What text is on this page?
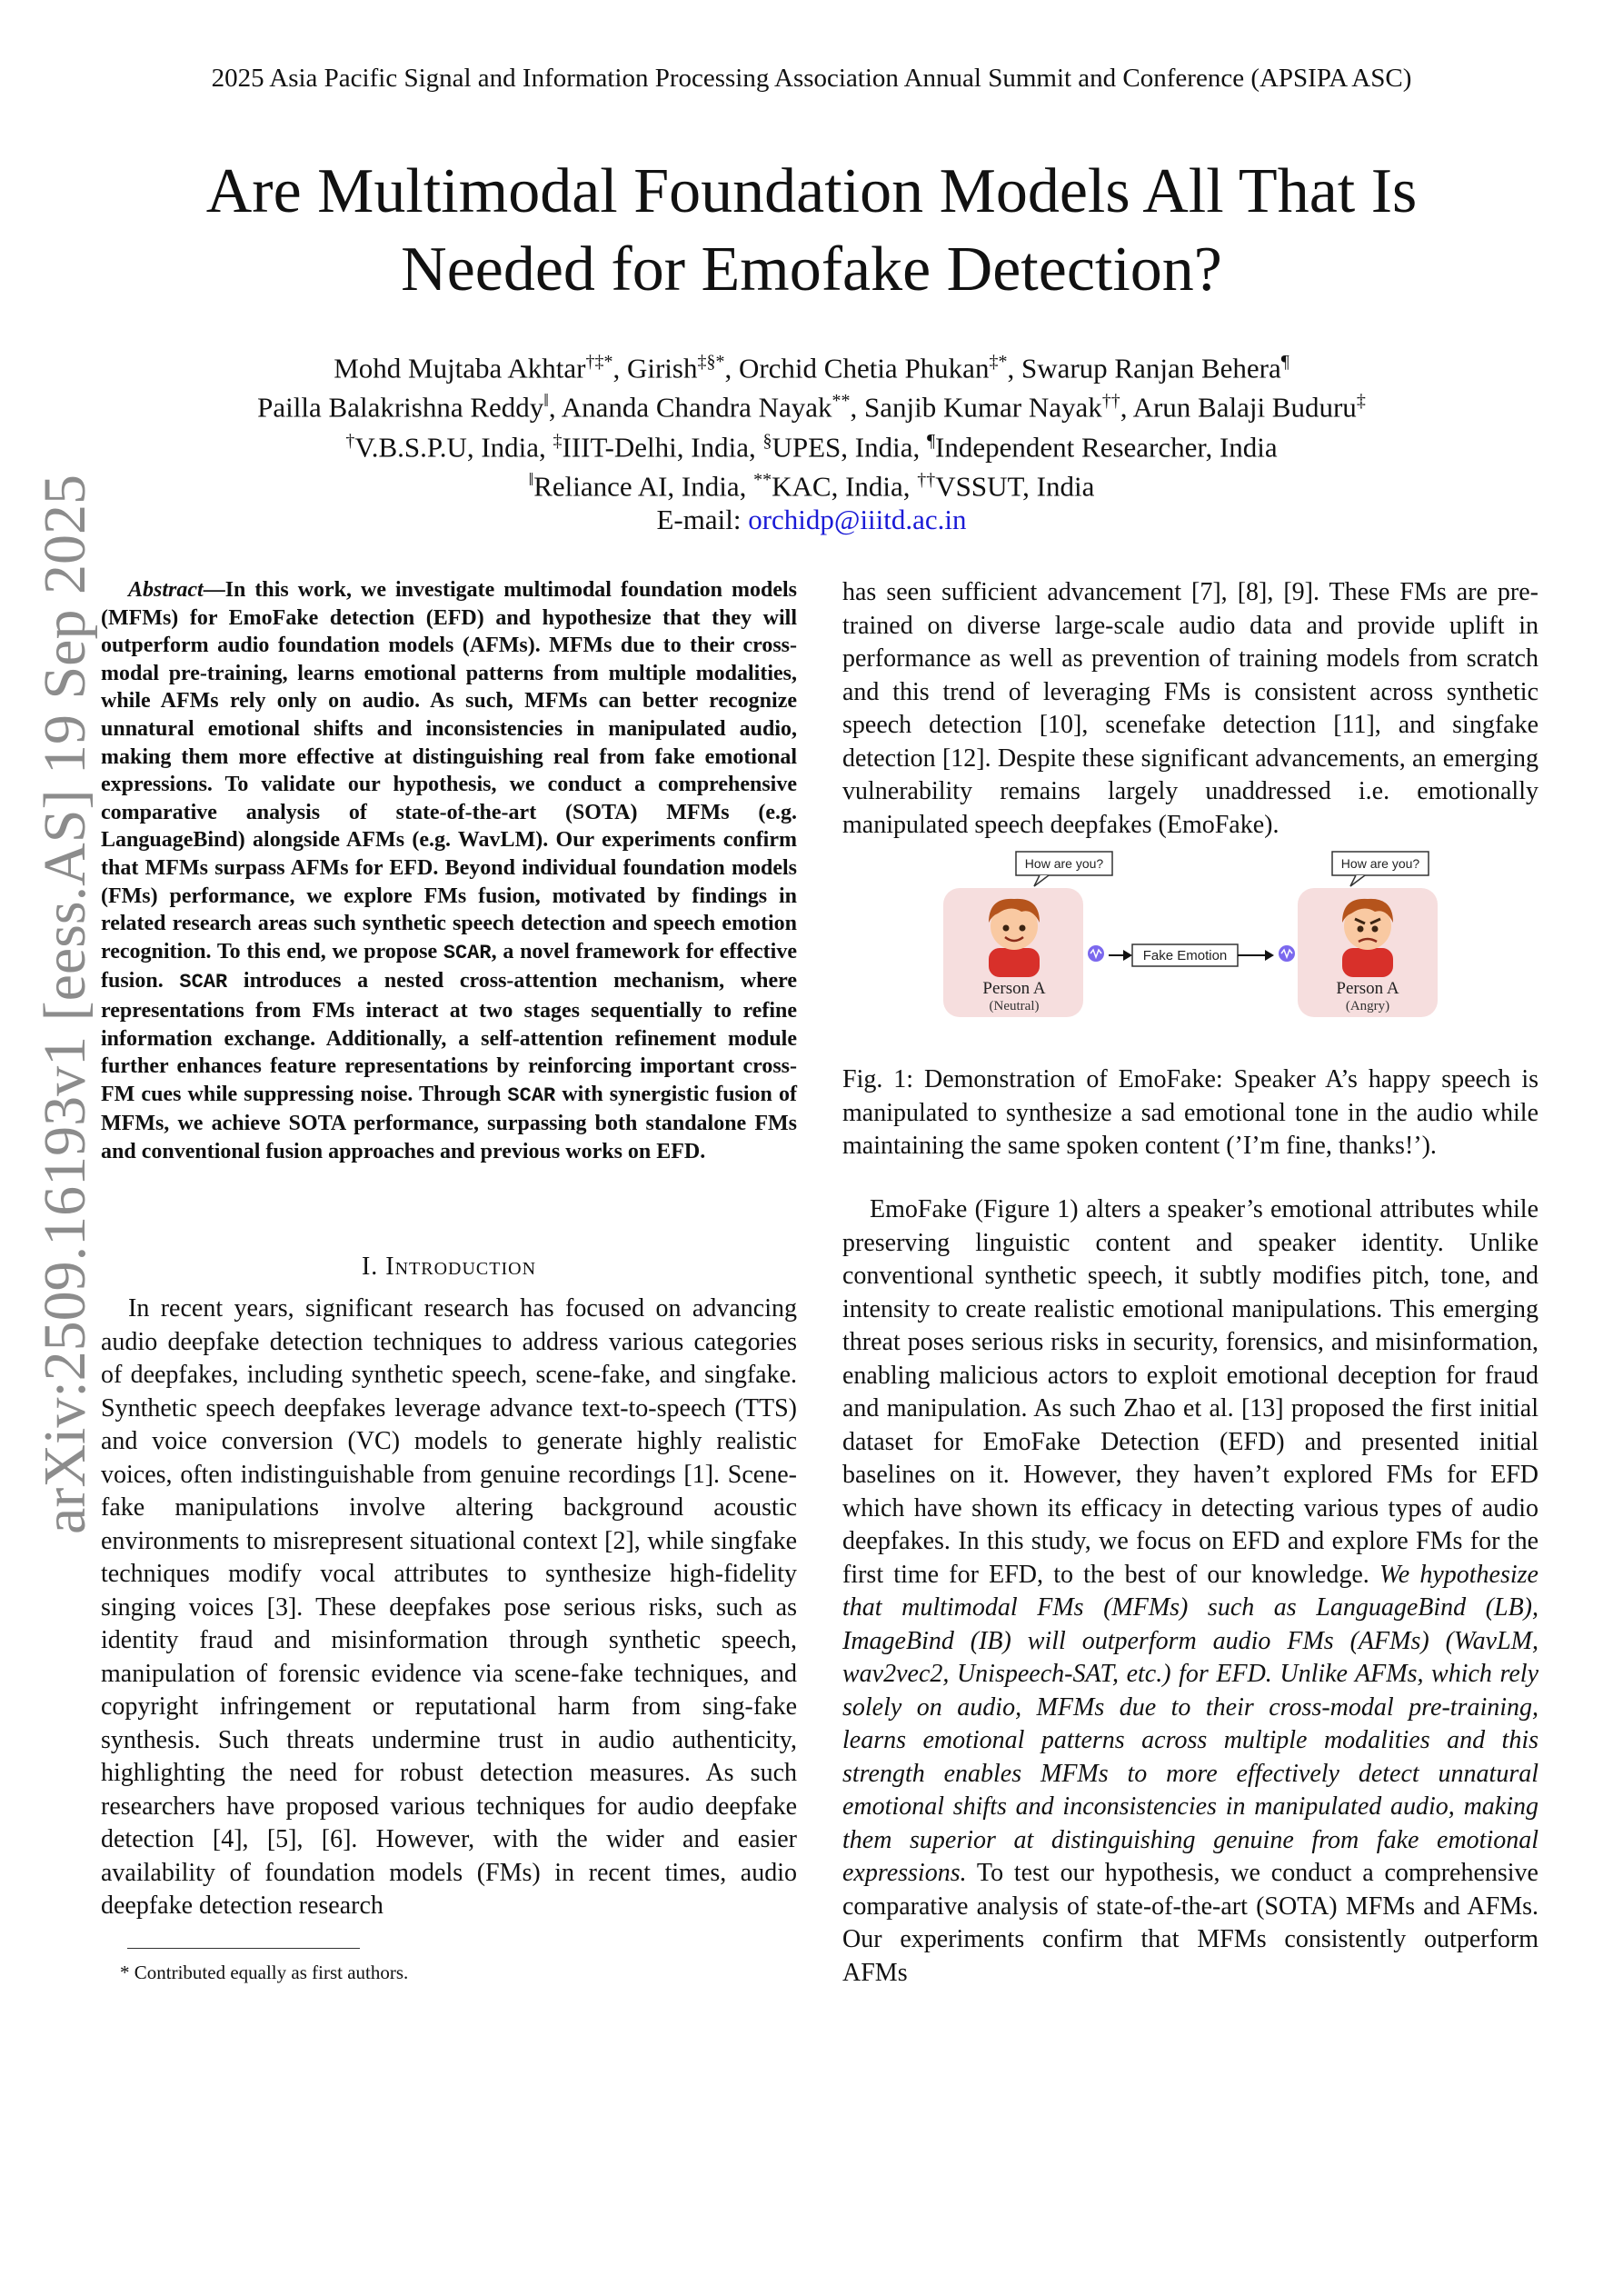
2025 Asia Pacific Signal and Information Processing Association Annual Summit and Conference (APSIPA ASC)
Are Multimodal Foundation Models All That Is
Needed for Emofake Detection?
Mohd Mujtaba Akhtar†‡*, Girish‡§*, Orchid Chetia Phukan‡*, Swarup Ranjan Behera¶
Pailla Balakrishna Reddy‖, Ananda Chandra Nayak**, Sanjib Kumar Nayak††, Arun Balaji Buduru‡
†V.B.S.P.U, India, ‡IIIT-Delhi, India, §UPES, India, ¶Independent Researcher, India
‖Reliance AI, India, **KAC, India, ††VSSUT, India
E-mail: orchidp@iiitd.ac.in
arXiv:2509.16193v1 [eess.AS] 19 Sep 2025	Abstract—In this work, we investigate multimodal foundation models (MFMs) for EmoFake detection (EFD) and hypothesize that they will outperform audio foundation models (AFMs). MFMs due to their cross-modal pre-training, learns emotional patterns from multiple modalities, while AFMs rely only on audio. As such, MFMs can better recognize unnatural emotional shifts and inconsistencies in manipulated audio, making them more effective at distinguishing real from fake emotional expressions. To validate our hypothesis, we conduct a comprehensive comparative analysis of state-of-the-art (SOTA) MFMs (e.g. LanguageBind) alongside AFMs (e.g. WavLM). Our experiments confirm that MFMs surpass AFMs for EFD. Beyond individual foundation models (FMs) performance, we explore FMs fusion, motivated by findings in related research areas such synthetic speech detection and speech emotion recognition. To this end, we propose SCAR, a novel framework for effective fusion. SCAR introduces a nested cross-attention mechanism, where representations from FMs interact at two stages sequentially to refine information exchange. Additionally, a self-attention refinement module further enhances feature representations by reinforcing important cross-FM cues while suppressing noise. Through SCAR with synergistic fusion of MFMs, we achieve SOTA performance, surpassing both standalone FMs and conventional fusion approaches and previous works on EFD.
I. Introduction
In recent years, significant research has focused on advancing audio deepfake detection techniques to address various categories of deepfakes, including synthetic speech, scene-fake, and singfake. Synthetic speech deepfakes leverage advance text-to-speech (TTS) and voice conversion (VC) models to generate highly realistic voices, often indistinguishable from genuine recordings [1]. Scene-fake manipulations involve altering background acoustic environments to misrepresent situational context [2], while singfake techniques modify vocal attributes to synthesize high-fidelity singing voices [3]. These deepfakes pose serious risks, such as identity fraud and misinformation through synthetic speech, manipulation of forensic evidence via scene-fake techniques, and copyright infringement or reputational harm from sing-fake synthesis. Such threats undermine trust in audio authenticity, highlighting the need for robust detection measures. As such researchers have proposed various techniques for audio deepfake detection [4], [5], [6]. However, with the wider and easier availability of foundation models (FMs) in recent times, audio deepfake detection research
* Contributed equally as first authors.
has seen sufficient advancement [7], [8], [9]. These FMs are pre-trained on diverse large-scale audio data and provide uplift in performance as well as prevention of training models from scratch and this trend of leveraging FMs is consistent across synthetic speech detection [10], scenefake detection [11], and singfake detection [12]. Despite these significant advancements, an emerging vulnerability remains largely unaddressed i.e. emotionally manipulated speech deepfakes (EmoFake).
How are you?	How are you?
Person A
(Neutral)
Fake Emotion
Person A
(Angry)
Fig. 1: Demonstration of EmoFake: Speaker A’s happy speech is manipulated to synthesize a sad emotional tone in the audio while maintaining the same spoken content (’I’m fine, thanks!’).
EmoFake (Figure 1) alters a speaker’s emotional attributes while preserving linguistic content and speaker identity. Unlike conventional synthetic speech, it subtly modifies pitch, tone, and intensity to create realistic emotional manipulations. This emerging threat poses serious risks in security, forensics, and misinformation, enabling malicious actors to exploit emotional deception for fraud and manipulation. As such Zhao et al. [13] proposed the first initial dataset for EmoFake Detection (EFD) and presented initial baselines on it. However, they haven’t explored FMs for EFD which have shown its efficacy in detecting various types of audio deepfakes. In this study, we focus on EFD and explore FMs for the first time for EFD, to the best of our knowledge. We hypothesize that multimodal FMs (MFMs) such as LanguageBind (LB), ImageBind (IB) will outperform audio FMs (AFMs) (WavLM, wav2vec2, Unispeech-SAT, etc.) for EFD. Unlike AFMs, which rely solely on audio, MFMs due to their cross-modal pre-training, learns emotional patterns across multiple modalities and this strength enables MFMs to more effectively detect unnatural emotional shifts and inconsistencies in manipulated audio, making them superior at distinguishing genuine from fake emotional expressions. To test our hypothesis, we conduct a comprehensive comparative analysis of state-of-the-art (SOTA) MFMs and AFMs. Our experiments confirm that MFMs consistently outperform AFMs
